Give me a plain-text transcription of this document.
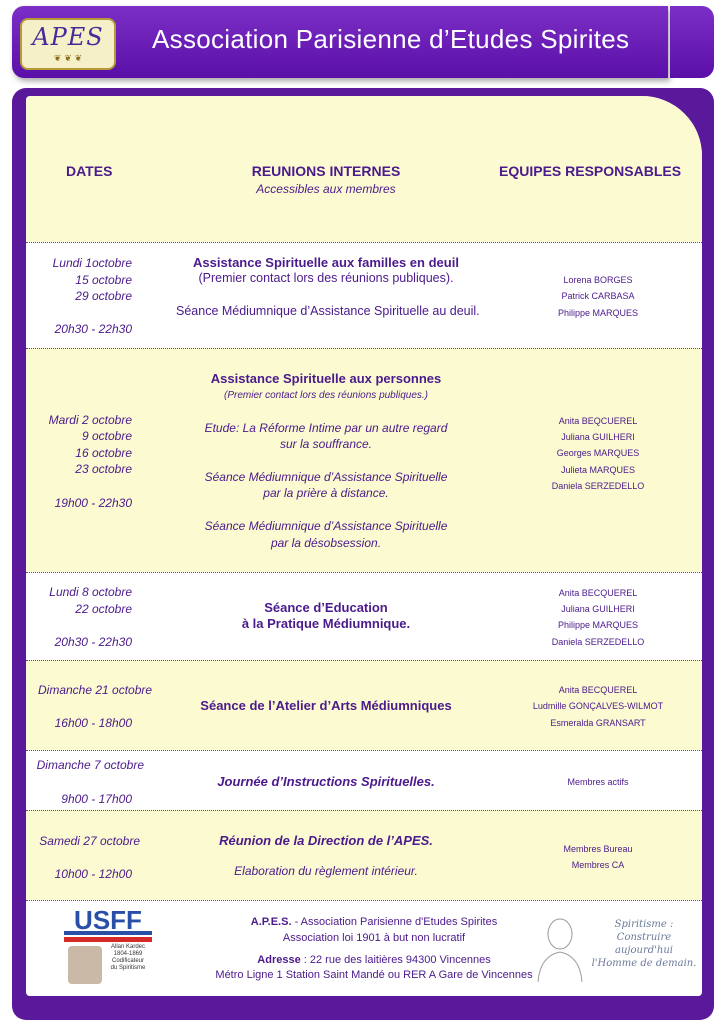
APES
❦ ❦ ❦
Association Parisienne d’Etudes Spirites
DATES	REUNIONS INTERNES
Accessibles aux membres
EQUIPES RESPONSABLES
Lundi 1octobre
15 octobre
29 octobre
20h30 - 22h30
Assistance Spirituelle aux familles en deuil
(Premier contact lors des réunions publiques).
Séance Médiumnique d’Assistance Spirituelle au deuil.
Lorena BORGES
Patrick CARBASA
Philippe MARQUES
Mardi 2 octobre
9 octobre
16 octobre
23 octobre
19h00 - 22h30
Assistance Spirituelle aux personnes
(Premier contact lors des réunions publiques.)
Etude: La Réforme Intime par un autre regard
sur la souffrance.
Séance Médiumnique d’Assistance Spirituelle
par la prière à distance.
Séance Médiumnique d’Assistance Spirituelle
par la désobsession.
Anita BEQCUEREL
Juliana GUILHERI
Georges MARQUES
Julieta MARQUES
Daniela SERZEDELLO
Lundi 8 octobre
22 octobre
20h30 - 22h30
Séance d’Education
à la Pratique Médiumnique.
Anita BECQUEREL
Juliana GUILHERI
Philippe MARQUES
Daniela SERZEDELLO
Dimanche 21 octobre
16h00 - 18h00
Séance de l’Atelier d’Arts Médiumniques
Anita BECQUEREL
Ludmille GONÇALVES-WILMOT
Esmeralda GRANSART
Dimanche 7 octobre
9h00 - 17h00
Journée d’Instructions Spirituelles.	Membres actifs
Samedi 27 octobre
10h00 - 12h00
Réunion de la Direction de l’APES.
Elaboration du règlement intérieur.
Membres Bureau
Membres CA
USFF
Allan Kardec
1804-1869
Codificateur
du Spiritisme
A.P.E.S. - Association Parisienne d'Etudes Spirites
Association loi 1901 à but non lucratif
Adresse : 22 rue des laitières 94300 Vincennes
Métro Ligne 1 Station Saint Mandé ou RER A Gare de Vincennes
Spiritisme :
Construire aujourd'hui
l'Homme de demain.
